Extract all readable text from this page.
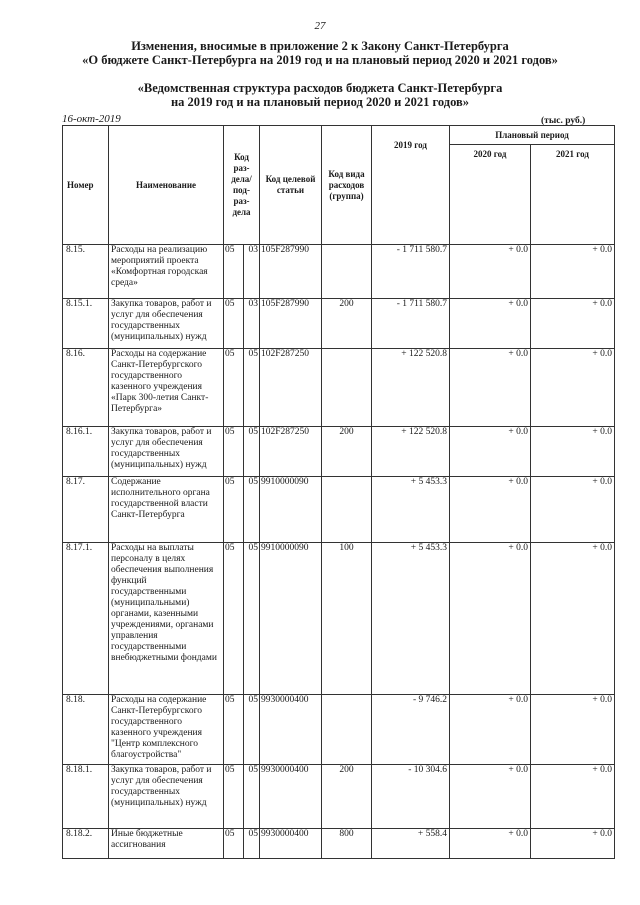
27
Изменения, вносимые в приложение 2 к Закону Санкт-Петербурга
«О бюджете Санкт-Петербурга на 2019 год и на плановый период 2020 и 2021 годов»
«Ведомственная структура расходов бюджета Санкт-Петербурга
на 2019 год и на плановый период 2020 и 2021 годов»
16-окт-2019	(тыс. руб.)
Номер	Наименование	Код раз-дела/ под-раз-дела		Код целевой статьи	Код вида расходов (группа)	2019 год	Плановый период	
							2020 год	2021 год
8.15.	Расходы на реализацию мероприятий проекта «Комфортная городская среда»	05	03	105F287990		- 1 711 580.7	+ 0.0	+ 0.0
8.15.1.	Закупка товаров, работ и услуг для обеспечения государственных (муниципальных) нужд	05	03	105F287990	200	- 1 711 580.7	+ 0.0	+ 0.0
8.16.	Расходы на содержание Санкт-Петербургского государственного казенного учреждения «Парк 300-летия Санкт-Петербурга»	05	05	102F287250		+ 122 520.8	+ 0.0	+ 0.0
8.16.1.	Закупка товаров, работ и услуг для обеспечения государственных (муниципальных) нужд	05	05	102F287250	200	+ 122 520.8	+ 0.0	+ 0.0
8.17.	Содержание исполнительного органа государственной власти Санкт-Петербурга	05	05	9910000090		+ 5 453.3	+ 0.0	+ 0.0
8.17.1.	Расходы на выплаты персоналу в целях обеспечения выполнения функций государственными (муниципальными) органами, казенными учреждениями, органами управления государственными внебюджетными фондами	05	05	9910000090	100	+ 5 453.3	+ 0.0	+ 0.0
8.18.	Расходы на содержание Санкт-Петербургского государственного казенного учреждения "Центр комплексного благоустройства"	05	05	9930000400		- 9 746.2	+ 0.0	+ 0.0
8.18.1.	Закупка товаров, работ и услуг для обеспечения государственных (муниципальных) нужд	05	05	9930000400	200	- 10 304.6	+ 0.0	+ 0.0
8.18.2.	Иные бюджетные ассигнования	05	05	9930000400	800	+ 558.4	+ 0.0	+ 0.0
